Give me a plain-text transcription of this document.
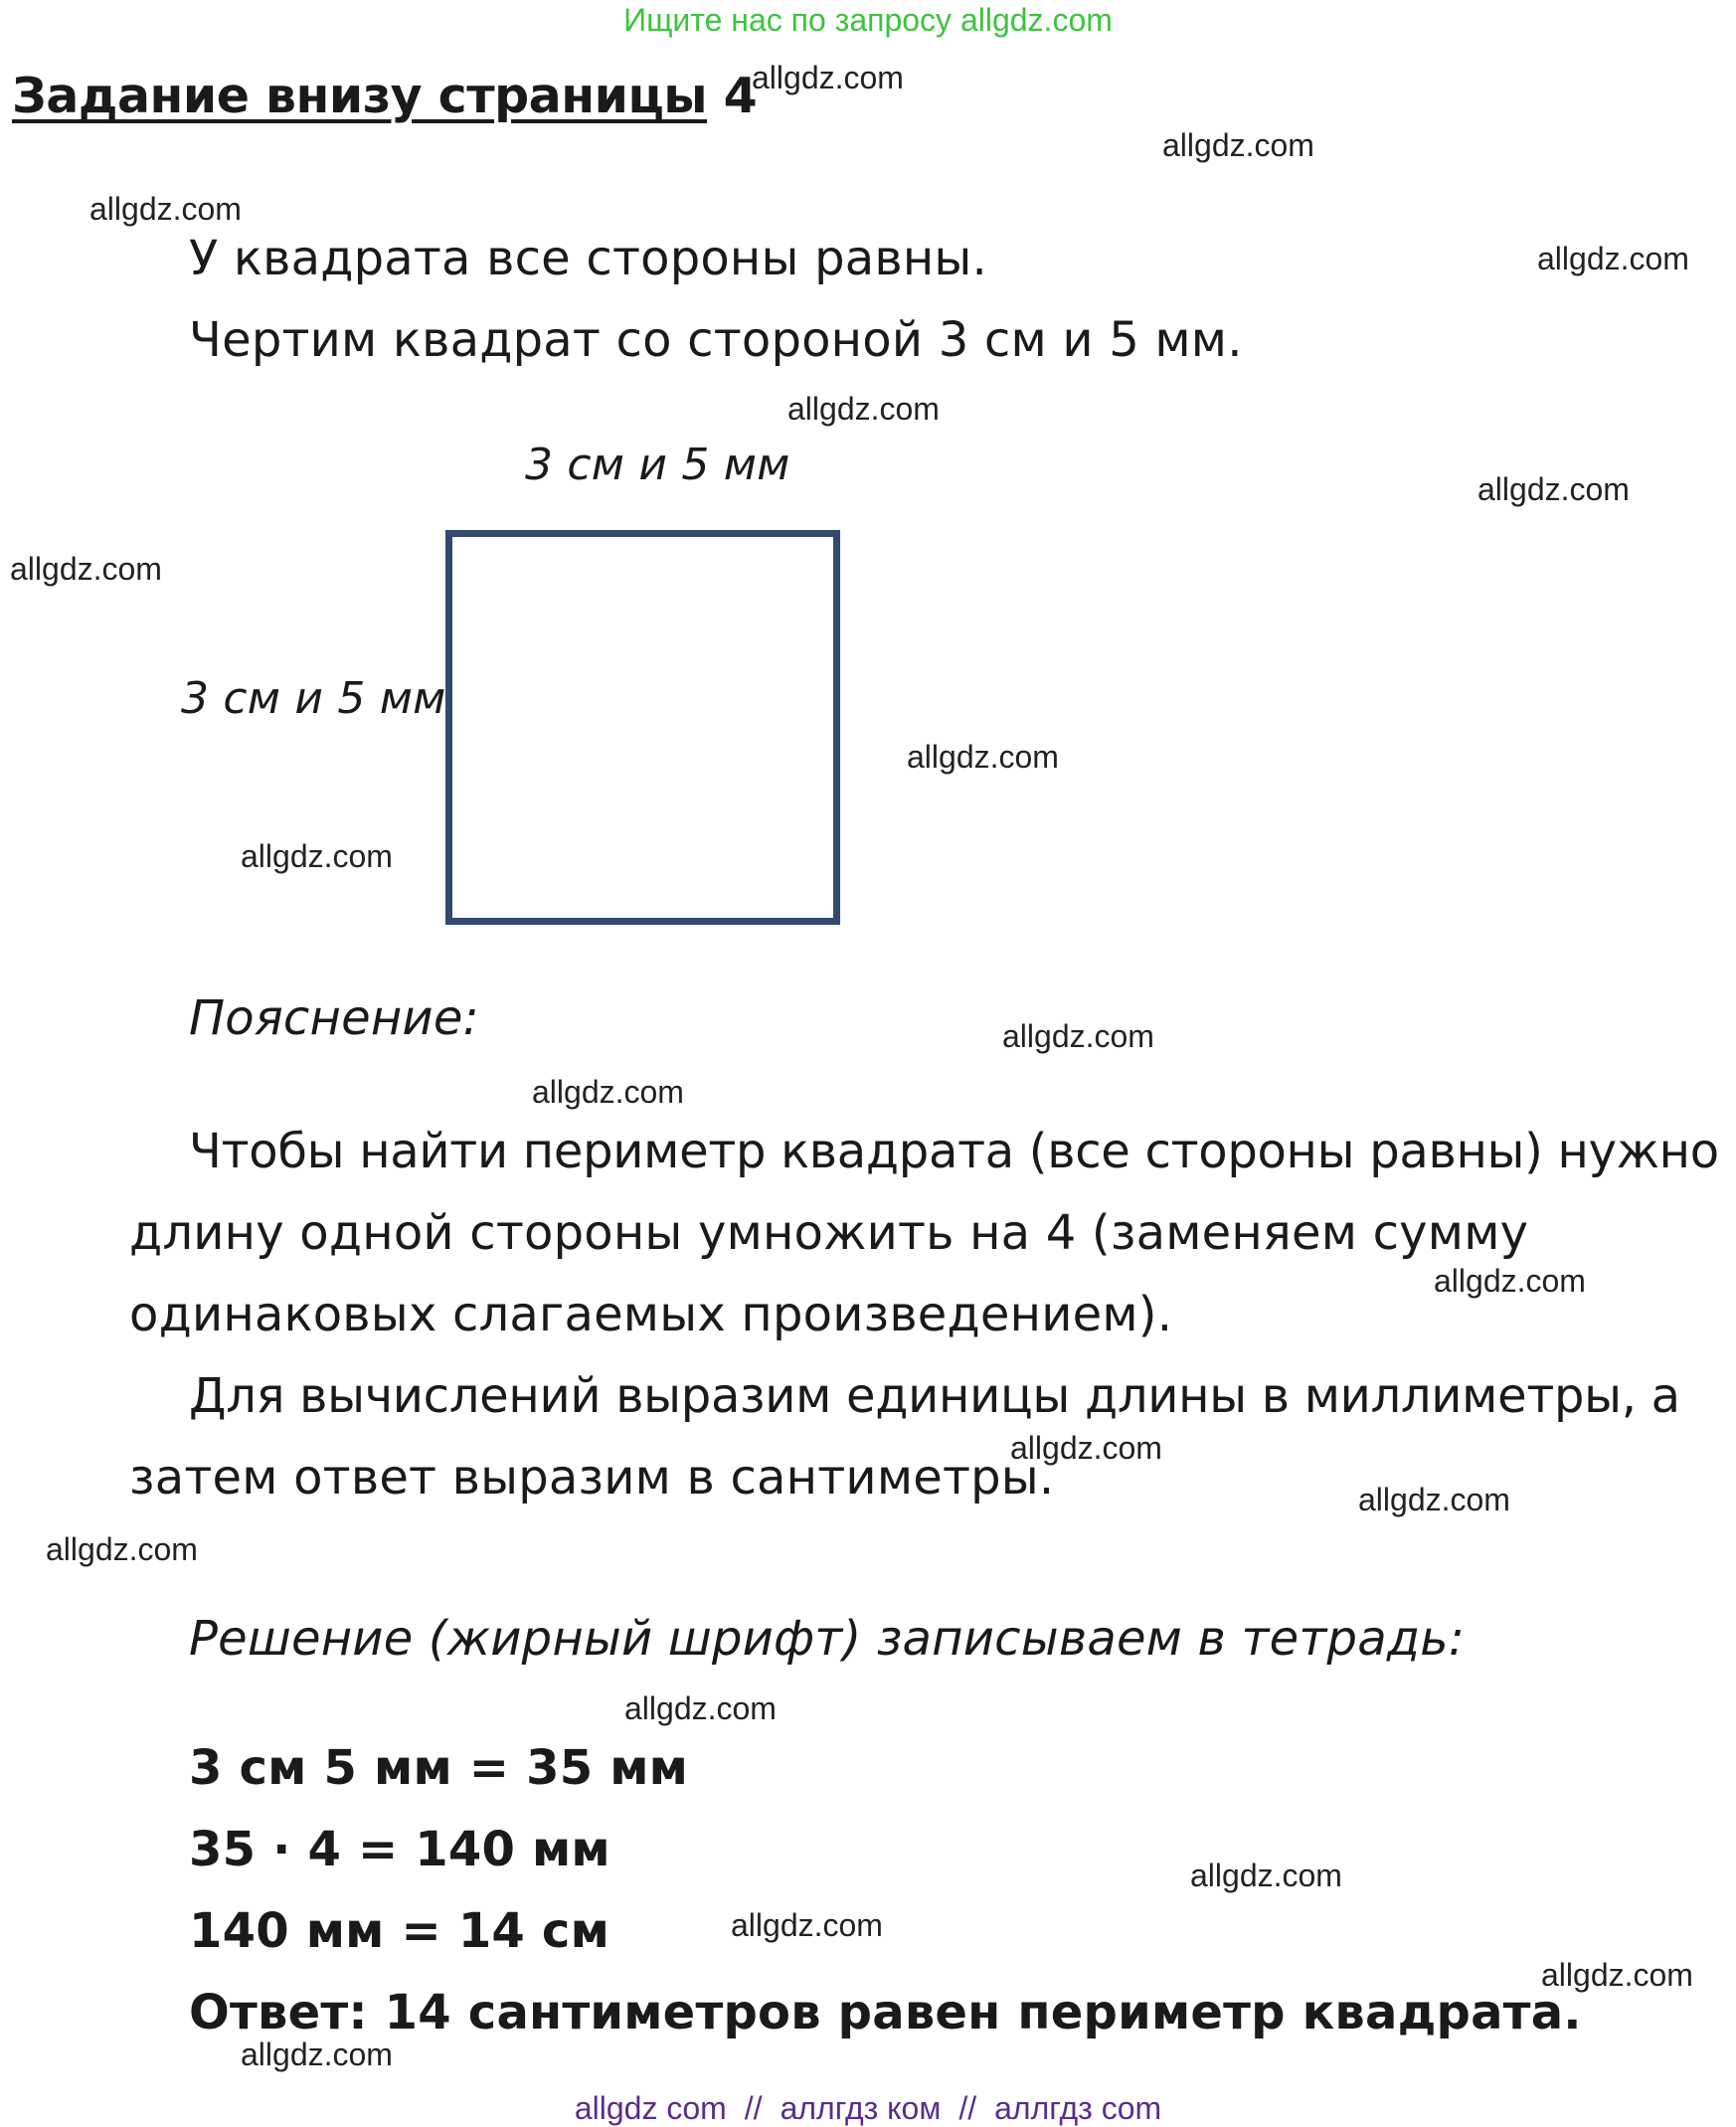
Ищите нас по запросу allgdz.com
Задание внизу страницы 4
У квадрата все стороны равны.
Чертим квадрат со стороной 3 см и 5 мм.
3 см и 5 мм
3 см и 5 мм
Пояснение:
Чтобы найти периметр квадрата (все стороны равны) нужно
длину одной стороны умножить на 4 (заменяем сумму
одинаковых слагаемых произведением).
Для вычислений выразим единицы длины в миллиметры, а
затем ответ выразим в сантиметры.
Решение (жирный шрифт) записываем в тетрадь:
3 см 5 мм = 35 мм
35 · 4 = 140 мм
140 мм = 14 см
Ответ: 14 сантиметров равен периметр квадрата.
allgdz.com
allgdz.com
allgdz.com
allgdz.com
allgdz.com
allgdz.com
allgdz.com
allgdz.com
allgdz.com
allgdz.com
allgdz.com
allgdz.com
allgdz.com
allgdz.com
allgdz.com
allgdz.com
allgdz.com
allgdz.com
allgdz.com
allgdz.com
allgdz com // аллгдз ком // аллгдз com
